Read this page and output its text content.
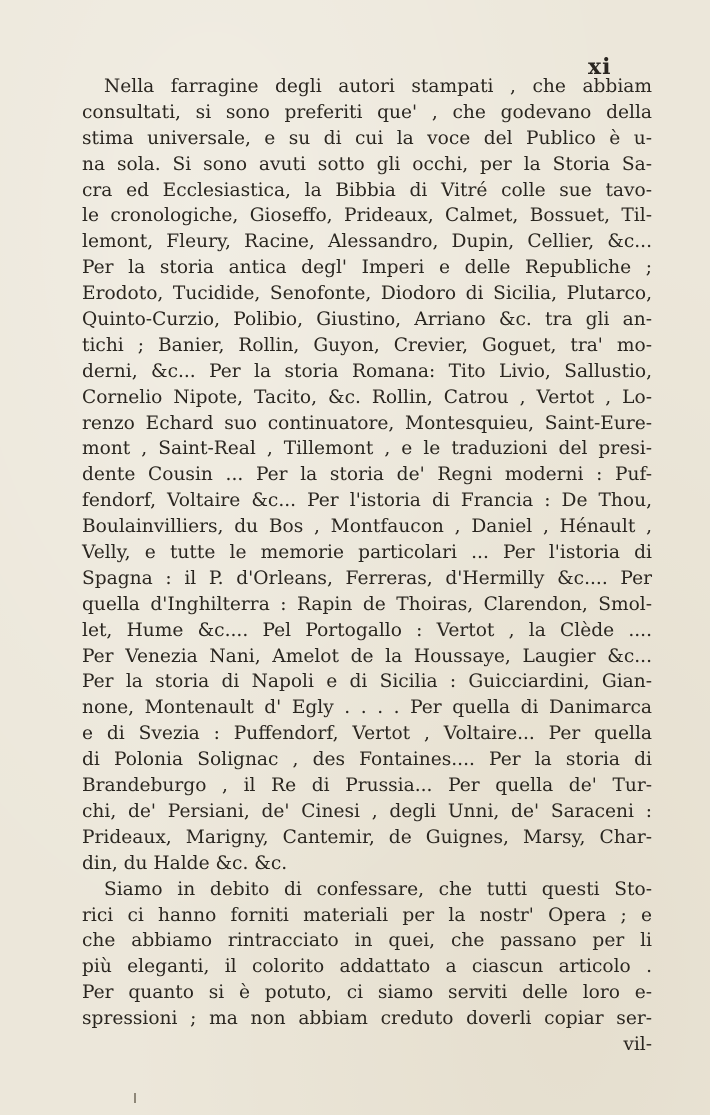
xi
Nella farragine degli autori stampati , che abbiam
consultati, si sono preferiti que' , che godevano della
stima universale, e su di cui la voce del Publico è u-
na sola. Si sono avuti sotto gli occhi, per la Storia Sa-
cra ed Ecclesiastica, la Bibbia di Vitré colle sue tavo-
le cronologiche, Gioseffo, Prideaux, Calmet, Bossuet, Til-
lemont, Fleury, Racine, Alessandro, Dupin, Cellier, &c...
Per la storia antica degl' Imperi e delle Republiche ;
Erodoto, Tucidide, Senofonte, Diodoro di Sicilia, Plutarco,
Quinto-Curzio, Polibio, Giustino, Arriano &c. tra gli an-
tichi ; Banier, Rollin, Guyon, Crevier, Goguet, tra' mo-
derni, &c... Per la storia Romana: Tito Livio, Sallustio,
Cornelio Nipote, Tacito, &c. Rollin, Catrou , Vertot , Lo-
renzo Echard suo continuatore, Montesquieu, Saint-Eure-
mont , Saint-Real , Tillemont , e le traduzioni del presi-
dente Cousin ... Per la storia de' Regni moderni : Puf-
fendorf, Voltaire &c... Per l'istoria di Francia : De Thou,
Boulainvilliers, du Bos , Montfaucon , Daniel , Hénault ,
Velly, e tutte le memorie particolari ... Per l'istoria di
Spagna : il P. d'Orleans, Ferreras, d'Hermilly &c.... Per
quella d'Inghilterra : Rapin de Thoiras, Clarendon, Smol-
let, Hume &c.... Pel Portogallo : Vertot , la Clède ....
Per Venezia Nani, Amelot de la Houssaye, Laugier &c...
Per la storia di Napoli e di Sicilia : Guicciardini, Gian-
none, Montenault d' Egly . . . . Per quella di Danimarca
e di Svezia : Puffendorf, Vertot , Voltaire... Per quella
di Polonia Solignac , des Fontaines.... Per la storia di
Brandeburgo , il Re di Prussia... Per quella de' Tur-
chi, de' Persiani, de' Cinesi , degli Unni, de' Saraceni :
Prideaux, Marigny, Cantemir, de Guignes, Marsy, Char-
din, du Halde &c. &c.
Siamo in debito di confessare, che tutti questi Sto-
rici ci hanno forniti materiali per la nostr' Opera ; e
che abbiamo rintracciato in quei, che passano per li
più eleganti, il colorito addattato a ciascun articolo .
Per quanto si è potuto, ci siamo serviti delle loro e-
spressioni ; ma non abbiam creduto doverli copiar ser-
vil-
